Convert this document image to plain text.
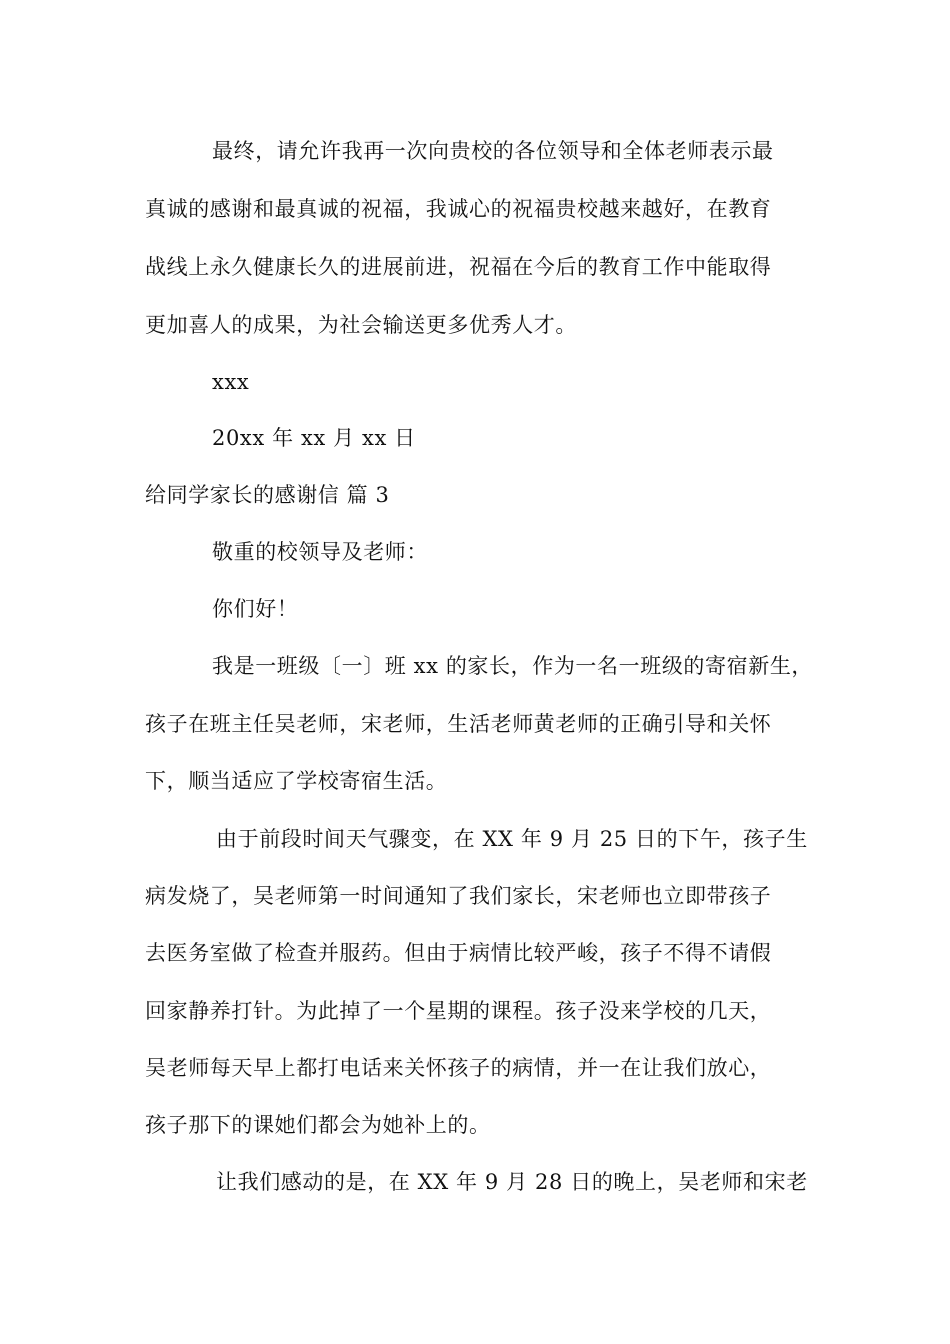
最终，请允许我再一次向贵校的各位领导和全体老师表示最

真诚的感谢和最真诚的祝福，我诚心的祝福贵校越来越好，在教育

战线上永久健康长久的进展前进，祝福在今后的教育工作中能取得

更加喜人的成果，为社会输送更多优秀人才。

xxx

20xx 年 xx 月 xx 日

给同学家长的感谢信 篇 3

敬重的校领导及老师：

你们好！

我是一班级〔一〕班 xx 的家长，作为一名一班级的寄宿新生，

孩子在班主任吴老师，宋老师，生活老师黄老师的正确引导和关怀

下，顺当适应了学校寄宿生活。

由于前段时间天气骤变，在 XX 年 9 月 25 日的下午，孩子生

病发烧了，吴老师第一时间通知了我们家长，宋老师也立即带孩子

去医务室做了检查并服药。但由于病情比较严峻，孩子不得不请假

回家静养打针。为此掉了一个星期的课程。孩子没来学校的几天，

吴老师每天早上都打电话来关怀孩子的病情，并一在让我们放心，

孩子那下的课她们都会为她补上的。

让我们感动的是，在 XX 年 9 月 28 日的晚上，吴老师和宋老
